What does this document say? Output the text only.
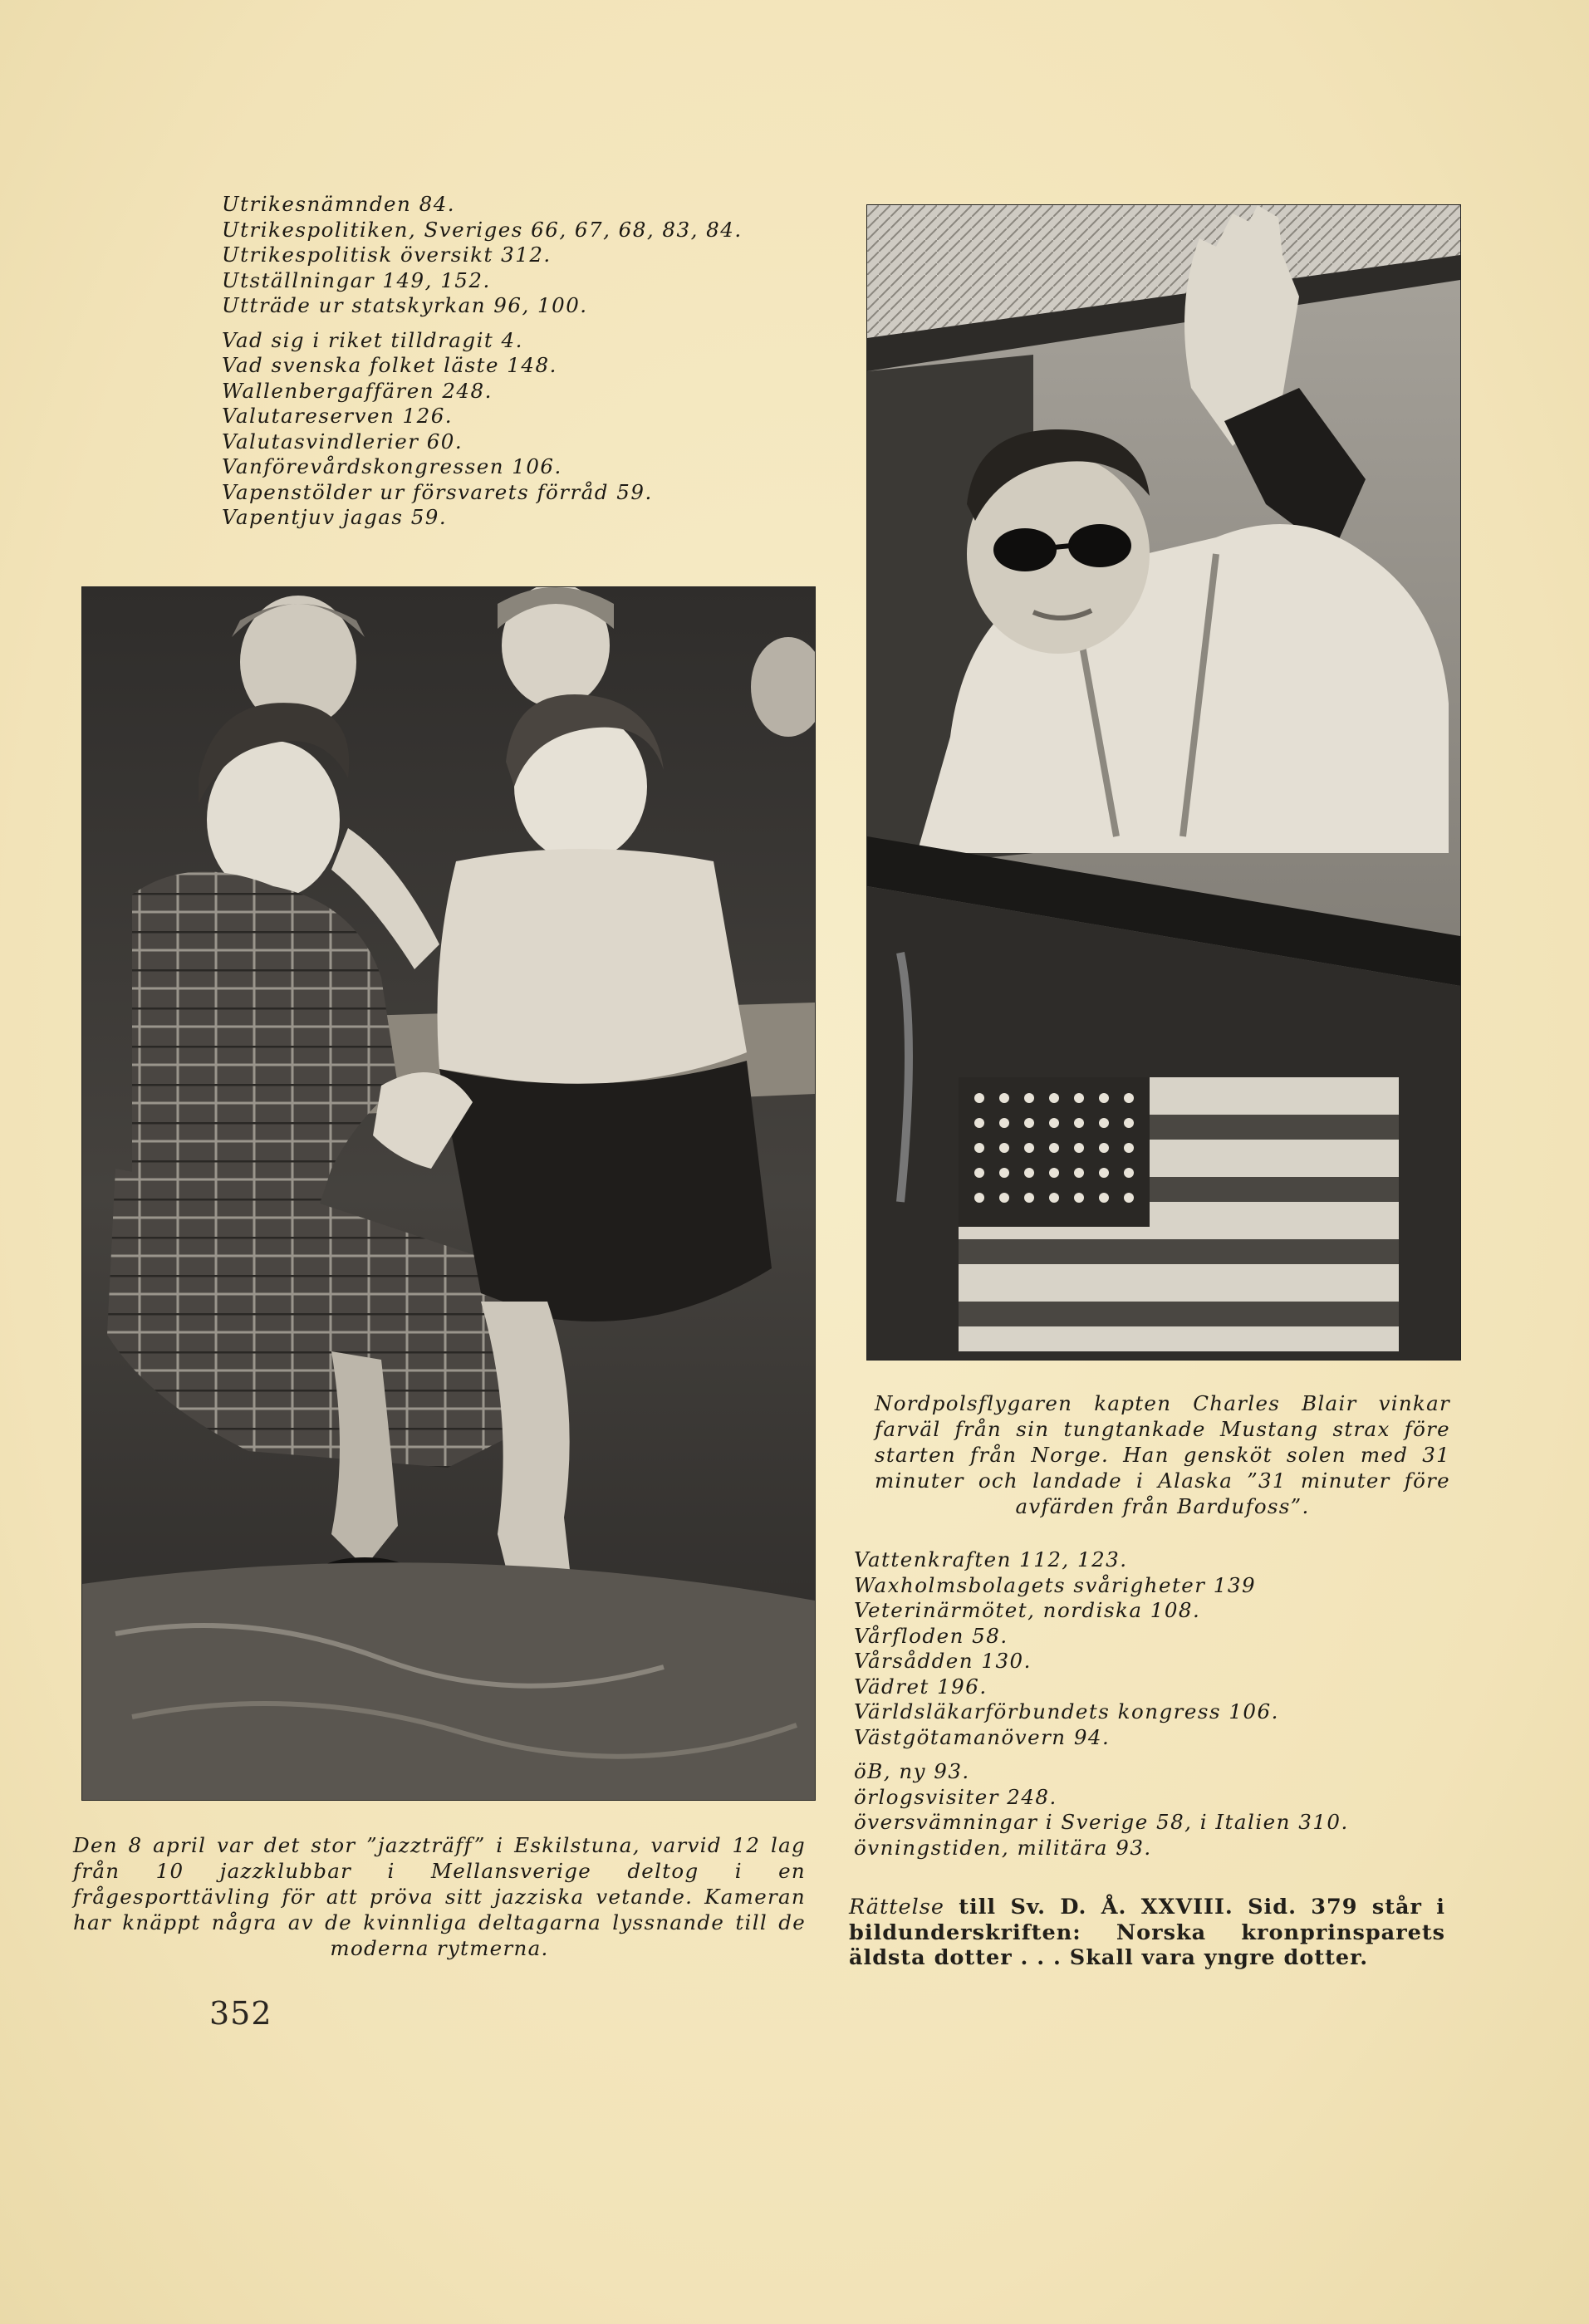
Utrikesnämnden 84.
Utrikespolitiken, Sveriges 66, 67, 68, 83, 84.
Utrikespolitisk översikt 312.
Utställningar 149, 152.
Utträde ur statskyrkan 96, 100.
Vad sig i riket tilldragit 4.
Vad svenska folket läste 148.
Wallenbergaffären 248.
Valutareserven 126.
Valutasvindlerier 60.
Vanförevårdskongressen 106.
Vapenstölder ur försvarets förråd 59.
Vapentjuv jagas 59.
Nordpolsflygaren kapten Charles Blair vinkar farväl från sin tungtankade Mustang strax före starten från Norge. Han gensköt solen med 31 minuter och landade i Alaska ”31 minuter före avfärden från Bardufoss”.
Vattenkraften 112, 123.
Waxholmsbolagets svårigheter 139
Veterinärmötet, nordiska 108.
Vårfloden 58.
Vårsådden 130.
Vädret 196.
Världsläkarförbundets kongress 106.
Västgötamanövern 94.
öB, ny 93.
örlogsvisiter 248.
översvämningar i Sverige 58, i Italien 310.
övningstiden, militära 93.
Rättelse till Sv. D. Å. XXVIII. Sid. 379 står i bildunderskriften: Norska kronprinsparets äldsta dotter . . . Skall vara yngre dotter.
Den 8 april var det stor ”jazzträff” i Eskilstuna, varvid 12 lag från 10 jazzklubbar i Mellansverige deltog i en frågesporttävling för att pröva sitt jazziska vetande. Kameran har knäppt några av de kvinnliga deltagarna lyssnande till de moderna rytmerna.
352
